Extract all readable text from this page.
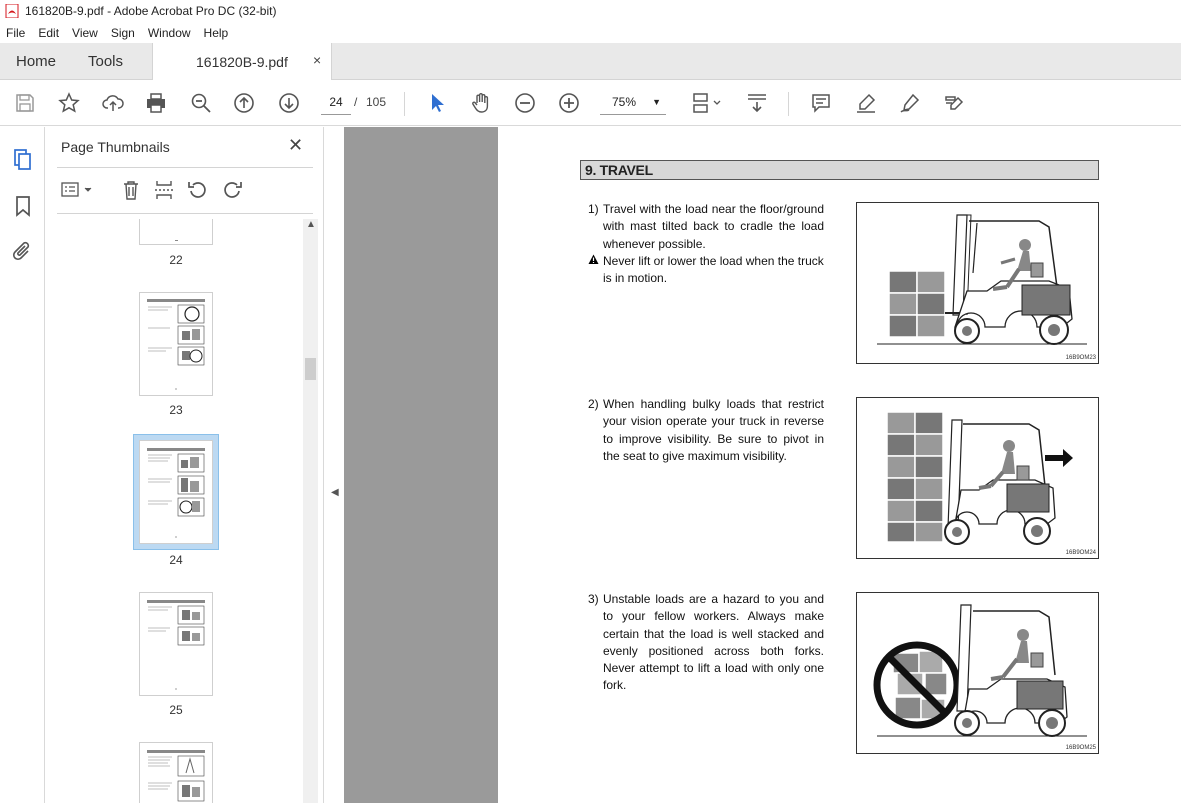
161820B-9.pdf - Adobe Acrobat Pro DC (32-bit)
File	Edit	View	Sign	Window	Help
Home Tools	161820B-9.pdf ×
24 / 105	75% ▼
Page Thumbnails	✕
22
23
24
25
▲
◀
9. TRAVEL
1) Travel with the load near the floor/ground with mast tilted back to cradle the load whenever possible.
Never lift or lower the load when the truck is in motion.
16B9OM23
2) When handling bulky loads that restrict your vision operate your truck in reverse to improve visibility. Be sure to pivot in the seat to give maximum visibility.
16B9OM24
3) Unstable loads are a hazard to you and to your fellow workers. Always make certain that the load is well stacked and evenly positioned across both forks. Never attempt to lift a load with only one fork.
16B9OM25
